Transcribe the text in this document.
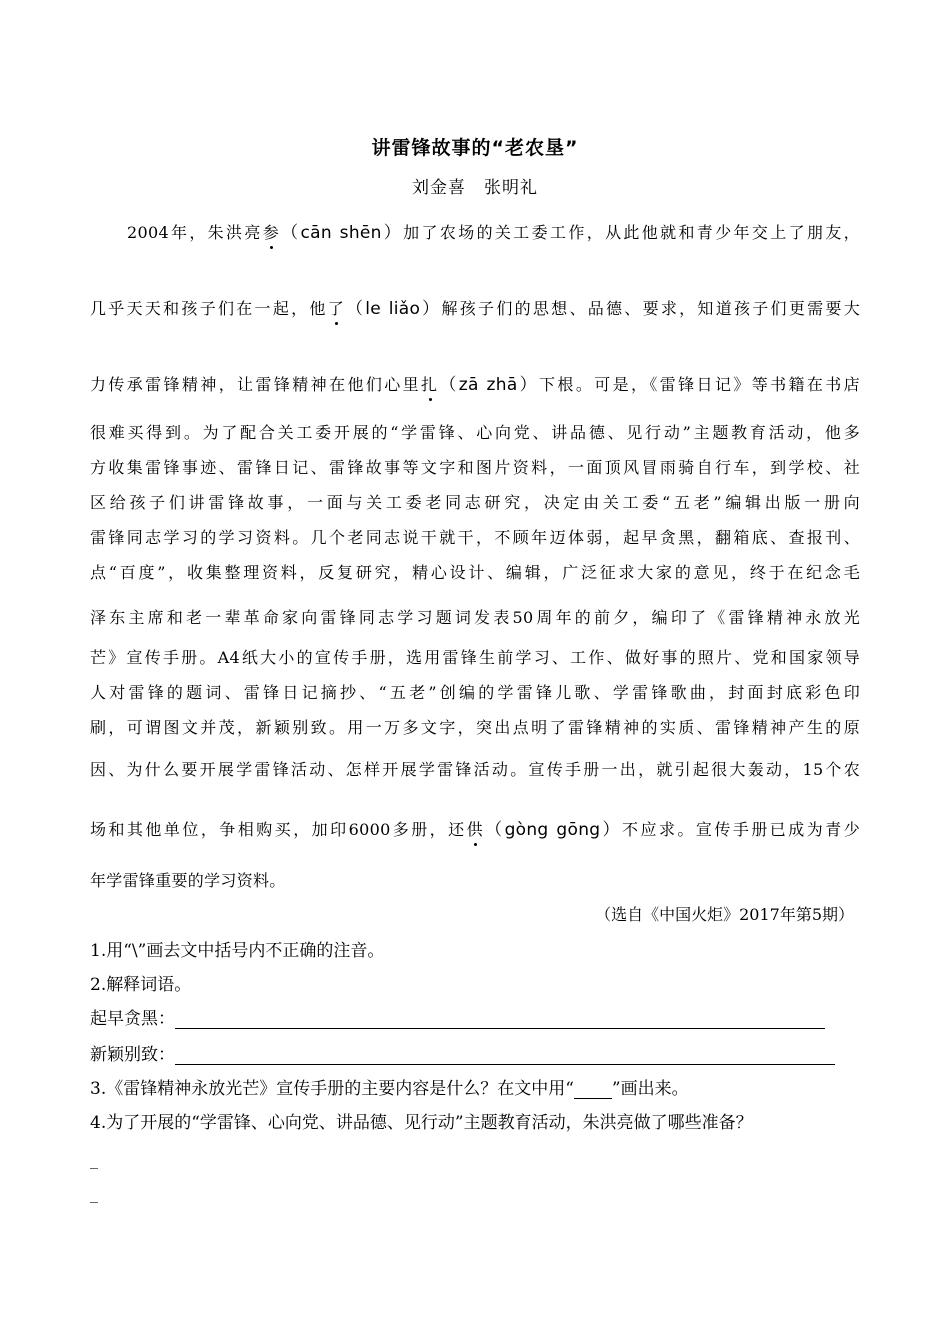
讲雷锋故事的“老农垦”
刘金喜　张明礼
2004年，朱洪亮参（cān shēn）加了农场的关工委工作，从此他就和青少年交上了朋友，
几乎天天和孩子们在一起，他了（le liǎo）解孩子们的思想、品德、要求，知道孩子们更需要大
力传承雷锋精神，让雷锋精神在他们心里扎（zā zhā）下根。可是，《雷锋日记》等书籍在书店
很难买得到。为了配合关工委开展的“学雷锋、心向党、讲品德、见行动”主题教育活动，他多
方收集雷锋事迹、雷锋日记、雷锋故事等文字和图片资料，一面顶风冒雨骑自行车，到学校、社
区给孩子们讲雷锋故事，一面与关工委老同志研究，决定由关工委“五老”编辑出版一册向
雷锋同志学习的学习资料。几个老同志说干就干，不顾年迈体弱，起早贪黑，翻箱底、查报刊、
点“百度”，收集整理资料，反复研究，精心设计、编辑，广泛征求大家的意见，终于在纪念毛
泽东主席和老一辈革命家向雷锋同志学习题词发表50周年的前夕，编印了《雷锋精神永放光
芒》宣传手册。A4纸大小的宣传手册，选用雷锋生前学习、工作、做好事的照片、党和国家领导
人对雷锋的题词、雷锋日记摘抄、“五老”创编的学雷锋儿歌、学雷锋歌曲，封面封底彩色印
刷，可谓图文并茂，新颖别致。用一万多文字，突出点明了雷锋精神的实质、雷锋精神产生的原
因、为什么要开展学雷锋活动、怎样开展学雷锋活动。宣传手册一出，就引起很大轰动，15个农
场和其他单位，争相购买，加印6000多册，还供（gòng gōng）不应求。宣传手册已成为青少
年学雷锋重要的学习资料。
（选自《中国火炬》2017年第5期）
1.用“\”画去文中括号内不正确的注音。
2.解释词语。
起早贪黑：
新颖别致：
3.《雷锋精神永放光芒》宣传手册的主要内容是什么？在文中用“ ”画出来。
4.为了开展的“学雷锋、心向党、讲品德、见行动”主题教育活动，朱洪亮做了哪些准备？
_
_
